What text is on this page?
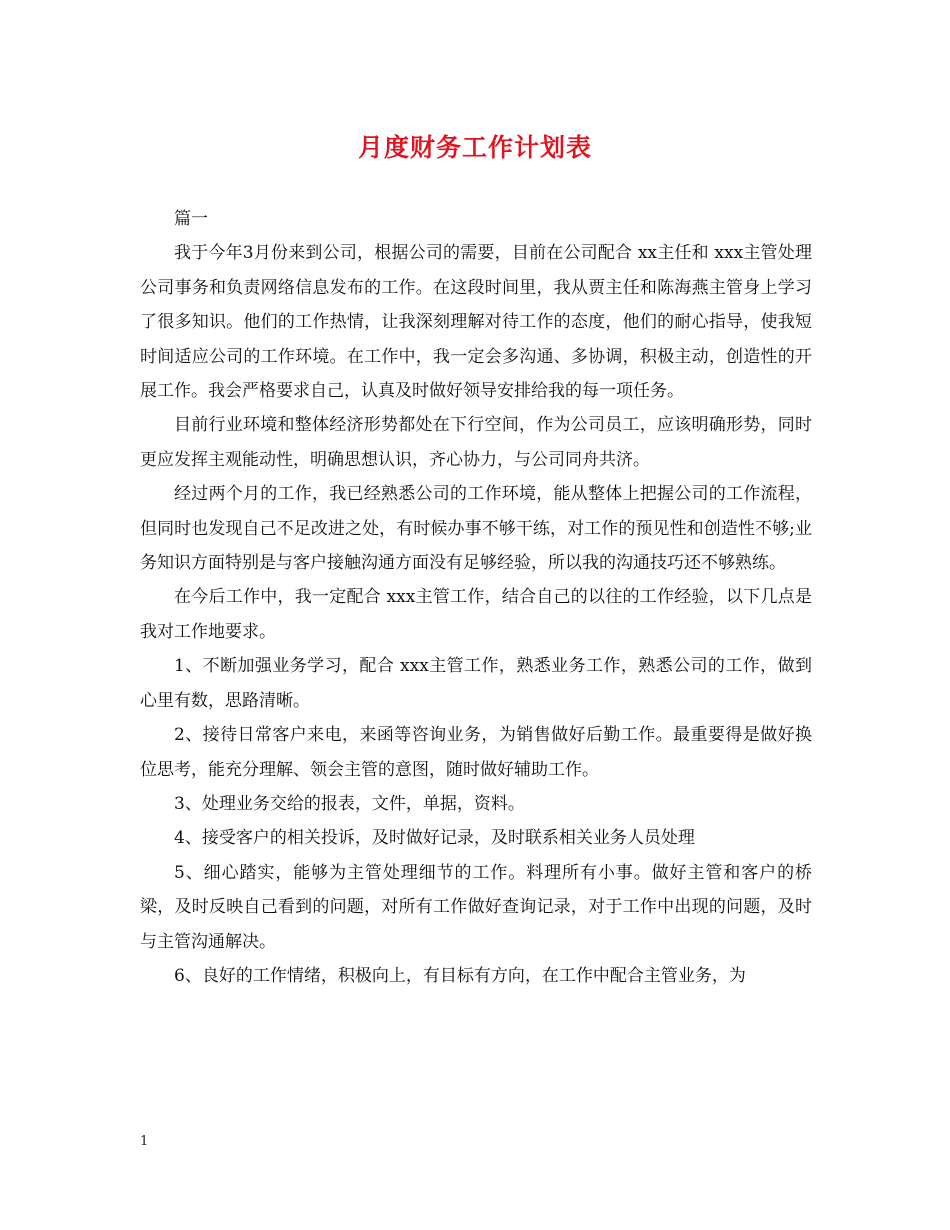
月度财务工作计划表

篇一

我于今年3月份来到公司，根据公司的需要，目前在公司配合 xx主任和 xxx主管处理公司事务和负责网络信息发布的工作。在这段时间里，我从贾主任和陈海燕主管身上学习了很多知识。他们的工作热情，让我深刻理解对待工作的态度，他们的耐心指导，使我短时间适应公司的工作环境。在工作中，我一定会多沟通、多协调，积极主动，创造性的开展工作。我会严格要求自己，认真及时做好领导安排给我的每一项任务。

目前行业环境和整体经济形势都处在下行空间，作为公司员工，应该明确形势，同时更应发挥主观能动性，明确思想认识，齐心协力，与公司同舟共济。

经过两个月的工作，我已经熟悉公司的工作环境，能从整体上把握公司的工作流程，但同时也发现自己不足改进之处，有时候办事不够干练，对工作的预见性和创造性不够;业务知识方面特别是与客户接触沟通方面没有足够经验，所以我的沟通技巧还不够熟练。

在今后工作中，我一定配合 xxx主管工作，结合自己的以往的工作经验，以下几点是我对工作地要求。

1、不断加强业务学习，配合 xxx主管工作，熟悉业务工作，熟悉公司的工作，做到心里有数，思路清晰。

2、接待日常客户来电，来函等咨询业务，为销售做好后勤工作。最重要得是做好换位思考，能充分理解、领会主管的意图，随时做好辅助工作。

3、处理业务交给的报表，文件，单据，资料。

4、接受客户的相关投诉，及时做好记录，及时联系相关业务人员处理

5、细心踏实，能够为主管处理细节的工作。料理所有小事。做好主管和客户的桥梁，及时反映自己看到的问题，对所有工作做好查询记录，对于工作中出现的问题，及时与主管沟通解决。

6、良好的工作情绪，积极向上，有目标有方向，在工作中配合主管业务，为

1
